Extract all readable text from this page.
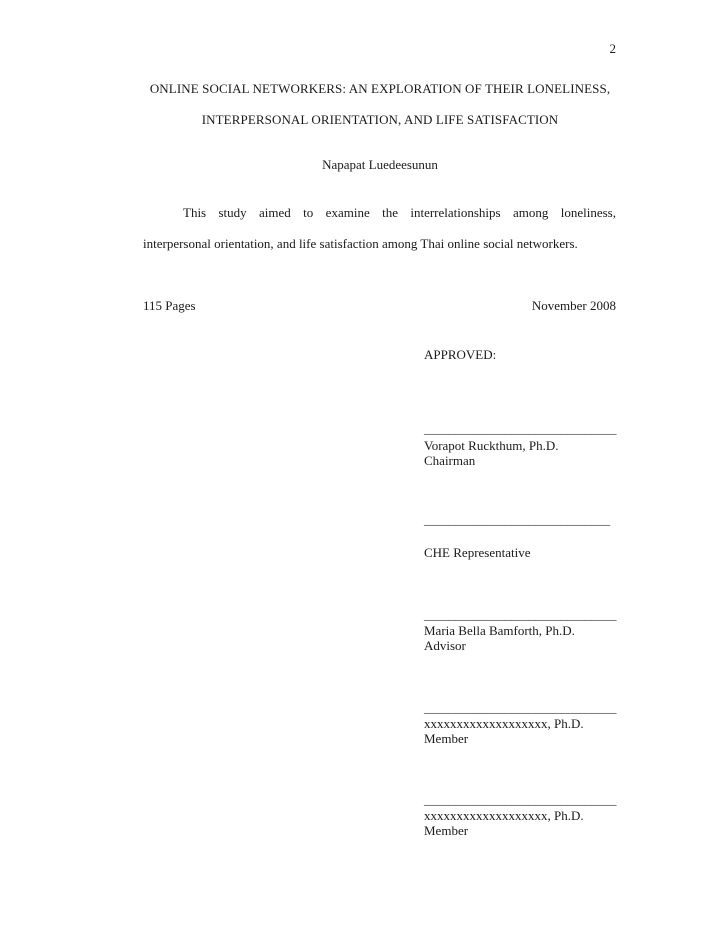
2
ONLINE SOCIAL NETWORKERS: AN EXPLORATION OF THEIR LONELINESS,
INTERPERSONAL ORIENTATION, AND LIFE SATISFACTION
Napapat Luedeesunun
This study aimed to examine the interrelationships among loneliness,
interpersonal orientation, and life satisfaction among Thai online social networkers.
115 Pages	November 2008
APPROVED:
_______________________________
Vorapot Ruckthum, Ph.D.
Chairman
______________________________
CHE Representative
_______________________________
Maria Bella Bamforth, Ph.D.
Advisor
_______________________________
xxxxxxxxxxxxxxxxxxx, Ph.D.
Member
_______________________________
xxxxxxxxxxxxxxxxxxx, Ph.D.
Member
